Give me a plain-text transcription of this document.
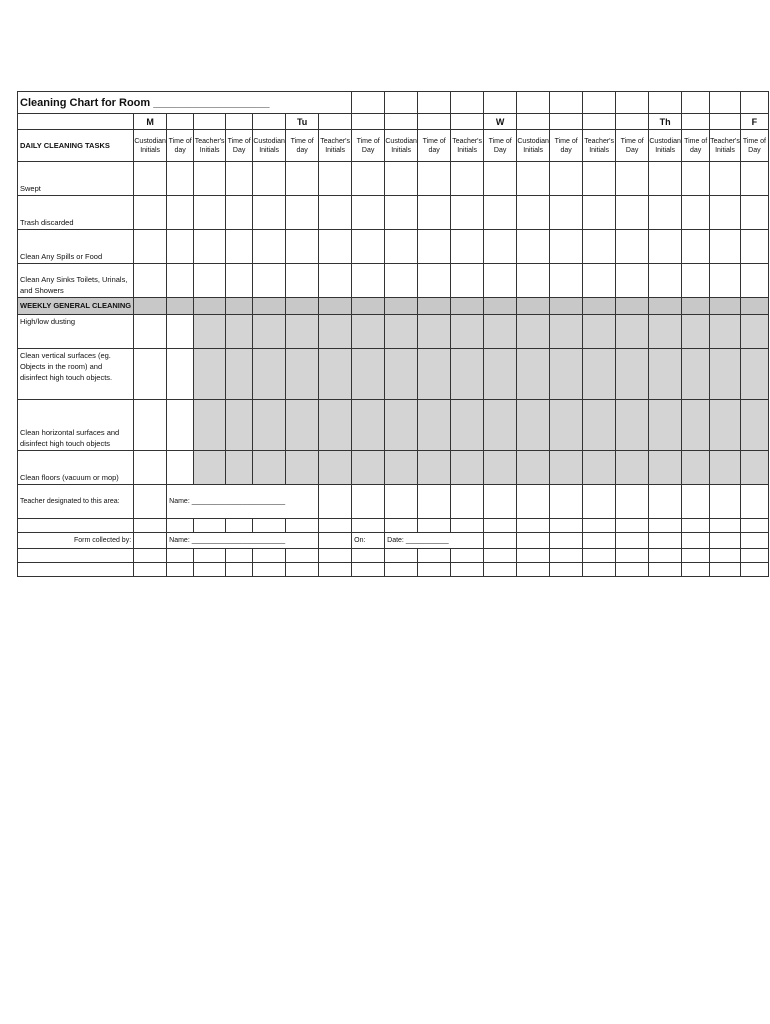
Cleaning Chart for Room ___________________																				
	M					Tu						W					Th			F
DAILY CLEANING TASKS	Custodian Initials	Time of day	Teacher's Initials	Time of Day	Custodian Initials	Time of day	Teacher's Initials	Time of Day	Custodian Initials	Time of day	Teacher's Initials	Time of Day	Custodian Initials	Time of day	Teacher's Initials	Time of Day	Custodian Initials	Time of day	Teacher's Initials	Time of Day
Swept																				
Trash discarded																				
Clean Any Spills or Food																				
Clean Any Sinks Toilets, Urinals, and Showers																				
WEEKLY GENERAL CLEANING																				
High/low dusting																				
Clean vertical surfaces (eg. Objects in the room) and disinfect high touch objects.																				
Clean horizontal surfaces and disinfect high touch objects																				
Clean floors (vacuum or mop)																				
Teacher designated to this area:		Name: ________________________																		

Form collected by:		Name: ________________________						On:	Date: ___________											
